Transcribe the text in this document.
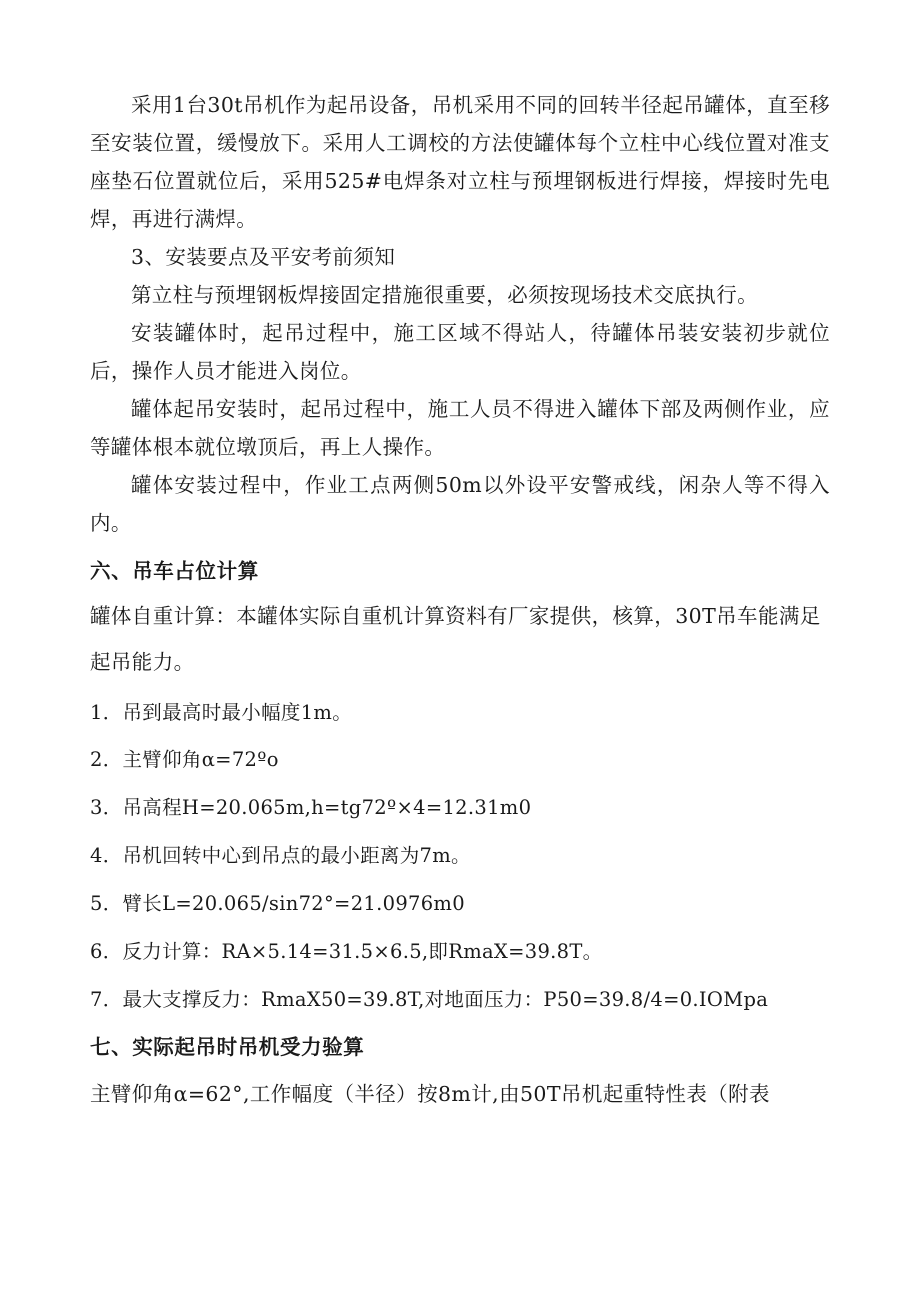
采用1台30t吊机作为起吊设备，吊机采用不同的回转半径起吊罐体，直至移至安装位置，缓慢放下。采用人工调校的方法使罐体每个立柱中心线位置对准支座垫石位置就位后，采用525#电焊条对立柱与预埋钢板进行焊接，焊接时先电焊，再进行满焊。

3、安装要点及平安考前须知

第立柱与预埋钢板焊接固定措施很重要，必须按现场技术交底执行。

安装罐体时，起吊过程中，施工区域不得站人，待罐体吊装安装初步就位后，操作人员才能进入岗位。

罐体起吊安装时，起吊过程中，施工人员不得进入罐体下部及两侧作业，应等罐体根本就位墩顶后，再上人操作。

罐体安装过程中，作业工点两侧50m以外设平安警戒线，闲杂人等不得入内。

六、吊车占位计算

罐体自重计算：本罐体实际自重机计算资料有厂家提供，核算，30T吊车能满足起吊能力。

1．吊到最高时最小幅度1m。

2．主臂仰角α=72ºo

3．吊高程H=20.065m,h=tg72º×4=12.31m0

4．吊机回转中心到吊点的最小距离为7m。

5．臂长L=20.065/sin72°=21.0976m0

6．反力计算：RA×5.14=31.5×6.5,即RmaX=39.8T。

7．最大支撑反力：RmaX50=39.8T,对地面压力：P50=39.8/4=0.IOMpa

七、实际起吊时吊机受力验算

主臂仰角α=62°,工作幅度（半径）按8m计,由50T吊机起重特性表（附表
